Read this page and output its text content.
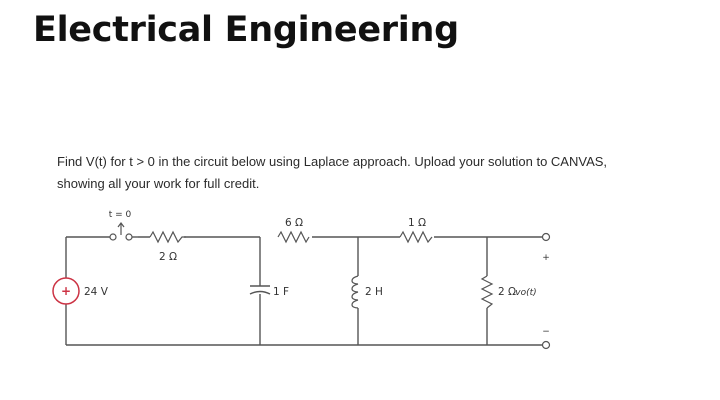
Electrical Engineering
Find V(t) for t > 0 in the circuit below using Laplace approach. Upload your solution to CANVAS,
showing all your work for full credit.
+ 24 V
t = 0
2 Ω
6 Ω	1 Ω
1 F	2 H	2 Ω
+
−
vo(t)
